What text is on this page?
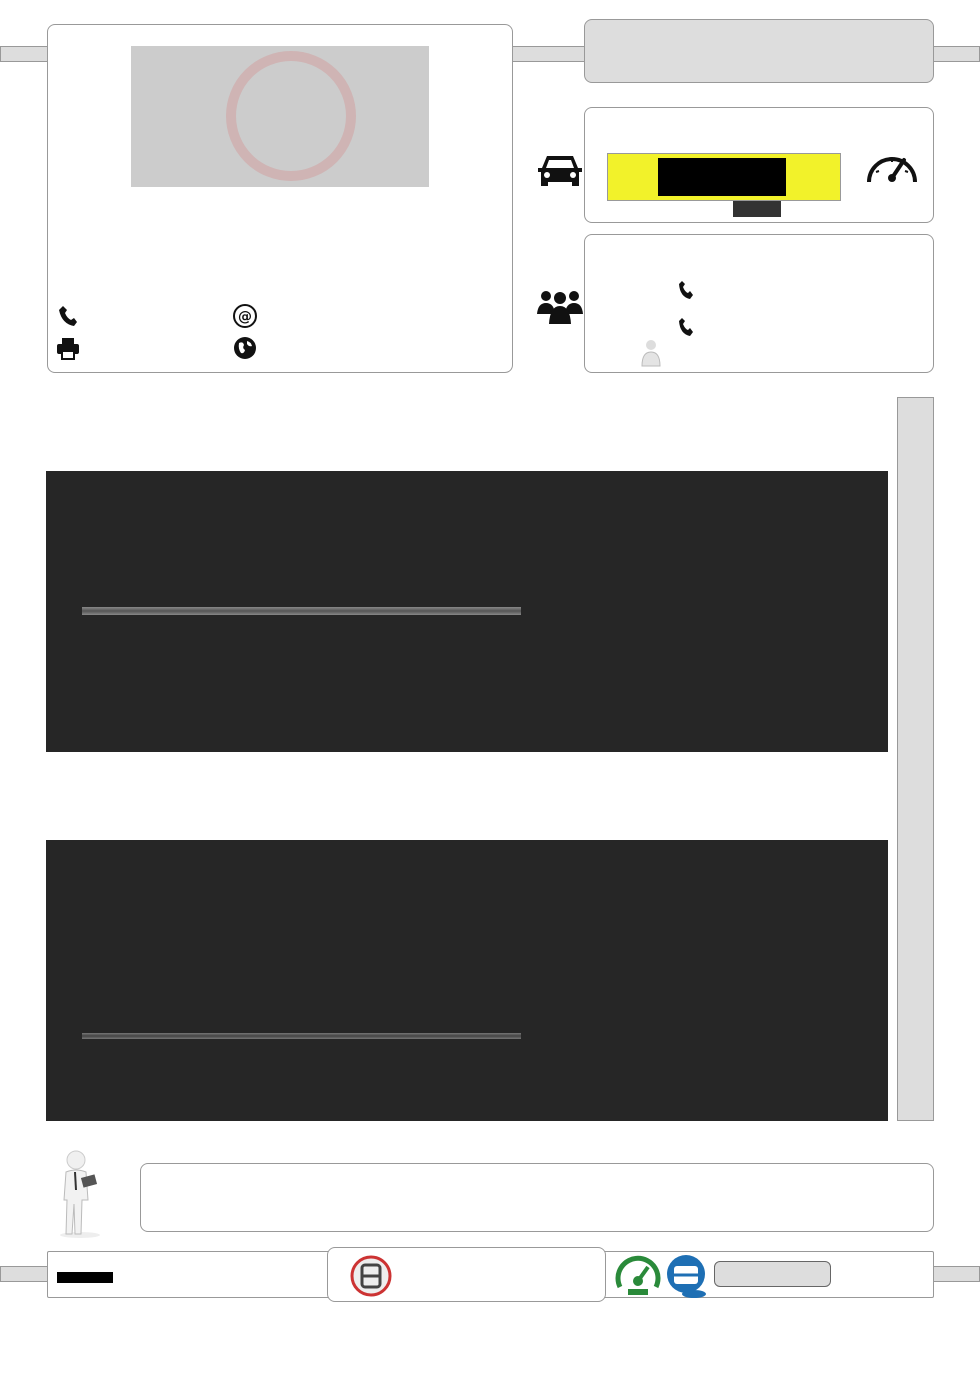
@
